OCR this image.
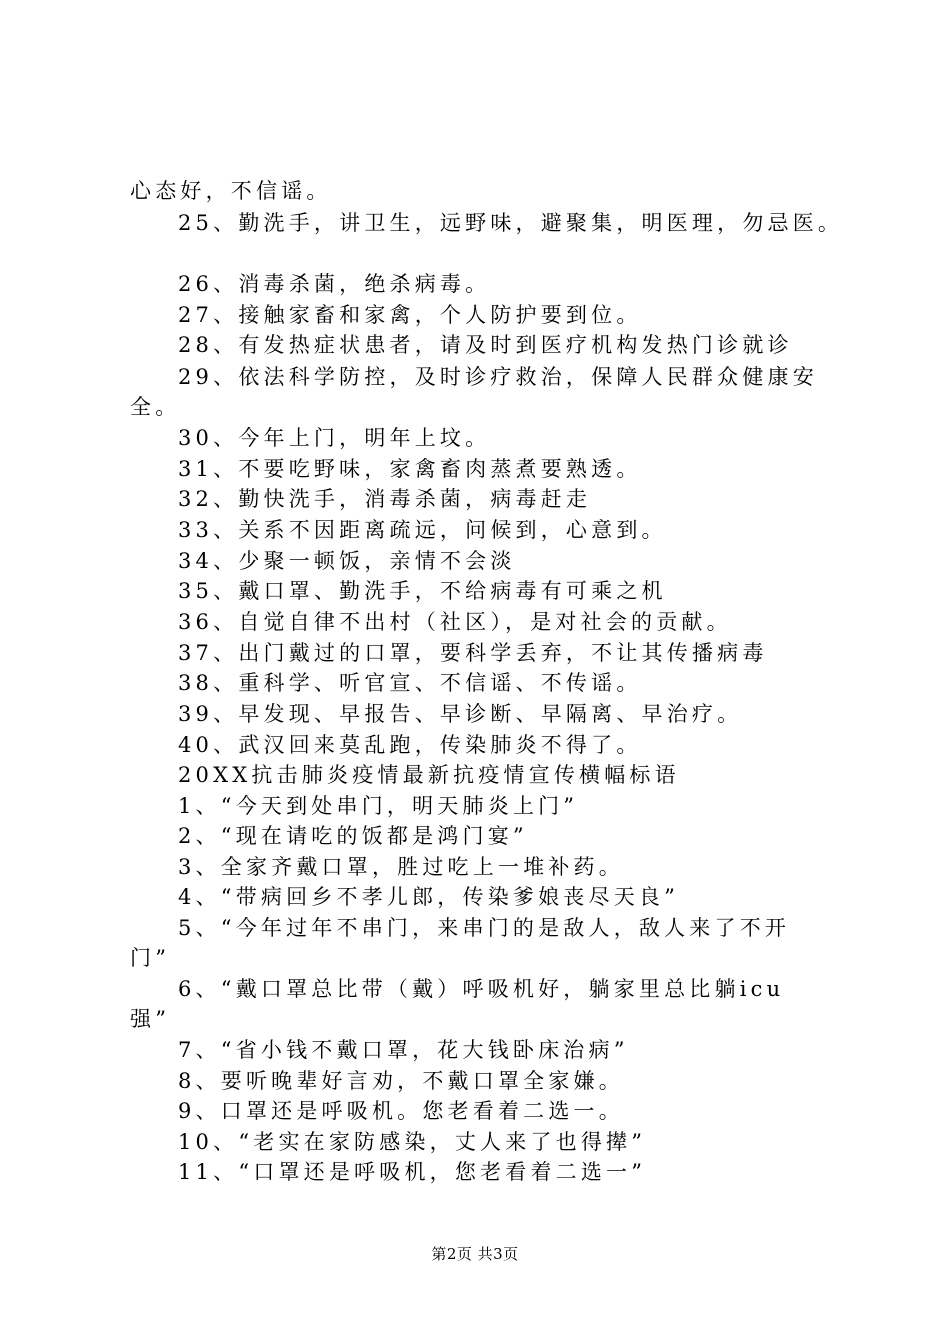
心态好，不信谣。
25、勤洗手，讲卫生，远野味，避聚集，明医理，勿忌医。
26、消毒杀菌，绝杀病毒。
27、接触家畜和家禽，个人防护要到位。
28、有发热症状患者，请及时到医疗机构发热门诊就诊
29、依法科学防控，及时诊疗救治，保障人民群众健康安
全。
30、今年上门，明年上坟。
31、不要吃野味，家禽畜肉蒸煮要熟透。
32、勤快洗手，消毒杀菌，病毒赶走
33、关系不因距离疏远，问候到，心意到。
34、少聚一顿饭，亲情不会淡
35、戴口罩、勤洗手，不给病毒有可乘之机
36、自觉自律不出村（社区），是对社会的贡献。
37、出门戴过的口罩，要科学丢弃，不让其传播病毒
38、重科学、听官宣、不信谣、不传谣。
39、早发现、早报告、早诊断、早隔离、早治疗。
40、武汉回来莫乱跑，传染肺炎不得了。
20XX抗击肺炎疫情最新抗疫情宣传横幅标语
1、“今天到处串门，明天肺炎上门”
2、“现在请吃的饭都是鸿门宴”
3、全家齐戴口罩，胜过吃上一堆补药。
4、“带病回乡不孝儿郎，传染爹娘丧尽天良”
5、“今年过年不串门，来串门的是敌人，敌人来了不开
门”
6、“戴口罩总比带（戴）呼吸机好，躺家里总比躺icu
强”
7、“省小钱不戴口罩，花大钱卧床治病”
8、要听晚辈好言劝，不戴口罩全家嫌。
9、口罩还是呼吸机。您老看着二选一。
10、“老实在家防感染，丈人来了也得撵”
11、“口罩还是呼吸机，您老看着二选一”
第2页 共3页
